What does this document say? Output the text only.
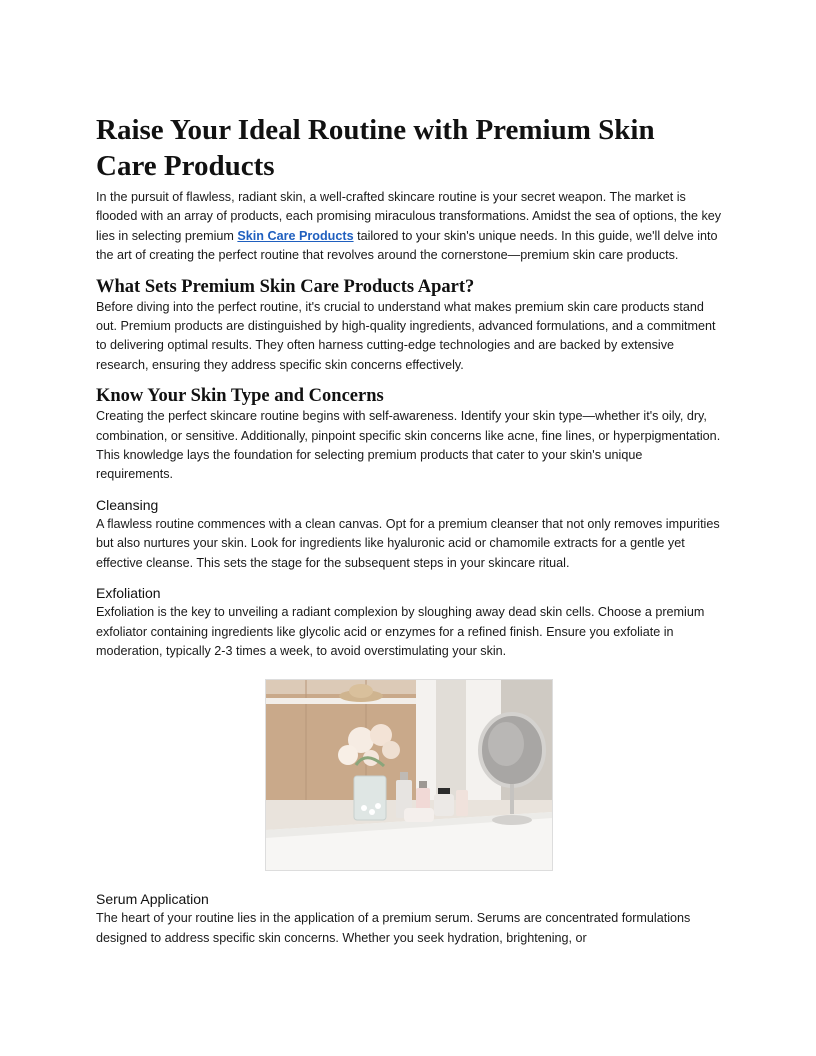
Raise Your Ideal Routine with Premium Skin Care Products

In the pursuit of flawless, radiant skin, a well-crafted skincare routine is your secret weapon. The market is flooded with an array of products, each promising miraculous transformations. Amidst the sea of options, the key lies in selecting premium Skin Care Products tailored to your skin's unique needs. In this guide, we'll delve into the art of creating the perfect routine that revolves around the cornerstone—premium skin care products.

What Sets Premium Skin Care Products Apart?

Before diving into the perfect routine, it's crucial to understand what makes premium skin care products stand out. Premium products are distinguished by high-quality ingredients, advanced formulations, and a commitment to delivering optimal results. They often harness cutting-edge technologies and are backed by extensive research, ensuring they address specific skin concerns effectively.

Know Your Skin Type and Concerns

Creating the perfect skincare routine begins with self-awareness. Identify your skin type—whether it's oily, dry, combination, or sensitive. Additionally, pinpoint specific skin concerns like acne, fine lines, or hyperpigmentation. This knowledge lays the foundation for selecting premium products that cater to your skin's unique requirements.

Cleansing

A flawless routine commences with a clean canvas. Opt for a premium cleanser that not only removes impurities but also nurtures your skin. Look for ingredients like hyaluronic acid or chamomile extracts for a gentle yet effective cleanse. This sets the stage for the subsequent steps in your skincare ritual.

Exfoliation

Exfoliation is the key to unveiling a radiant complexion by sloughing away dead skin cells. Choose a premium exfoliator containing ingredients like glycolic acid or enzymes for a refined finish. Ensure you exfoliate in moderation, typically 2-3 times a week, to avoid overstimulating your skin.

Serum Application

The heart of your routine lies in the application of a premium serum. Serums are concentrated formulations designed to address specific skin concerns. Whether you seek hydration, brightening, or
